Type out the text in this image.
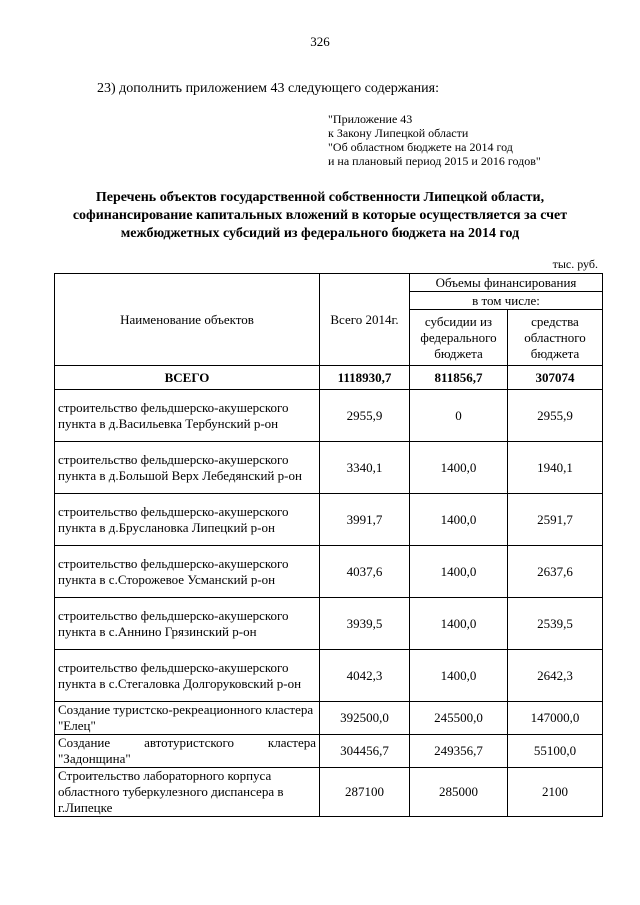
326
23) дополнить приложением 43 следующего содержания:
"Приложение 43
к Закону Липецкой области
"Об областном бюджете на 2014 год
и на плановый период 2015 и 2016 годов"
Перечень объектов государственной собственности Липецкой области,
софинансирование капитальных вложений в которые осуществляется за счет
межбюджетных субсидий из федерального бюджета на 2014 год
тыс. руб.
Наименование объектов	Всего 2014г.	Объемы финансирования	
		в том числе:	
		субсидии из федерального бюджета	средства областного бюджета
ВСЕГО	1118930,7	811856,7	307074
строительство фельдшерско-акушерского пункта в д.Васильевка Тербунский р-он	2955,9	0	2955,9
строительство фельдшерско-акушерского пункта в д.Большой Верх Лебедянский р-он	3340,1	1400,0	1940,1
строительство фельдшерско-акушерского пункта в д.Бруслановка Липецкий р-он	3991,7	1400,0	2591,7
строительство фельдшерско-акушерского пункта в с.Сторожевое Усманский р-он	4037,6	1400,0	2637,6
строительство фельдшерско-акушерского пункта в с.Аннино Грязинский р-он	3939,5	1400,0	2539,5
строительство фельдшерско-акушерского пункта в с.Стегаловка Долгоруковский р-он	4042,3	1400,0	2642,3
Создание туристско-рекреационного кластера "Елец"	392500,0	245500,0	147000,0
Создание автотуристского кластера "Задонщина"	304456,7	249356,7	55100,0
Строительство лабораторного корпуса областного туберкулезного диспансера в г.Липецке	287100	285000	2100
